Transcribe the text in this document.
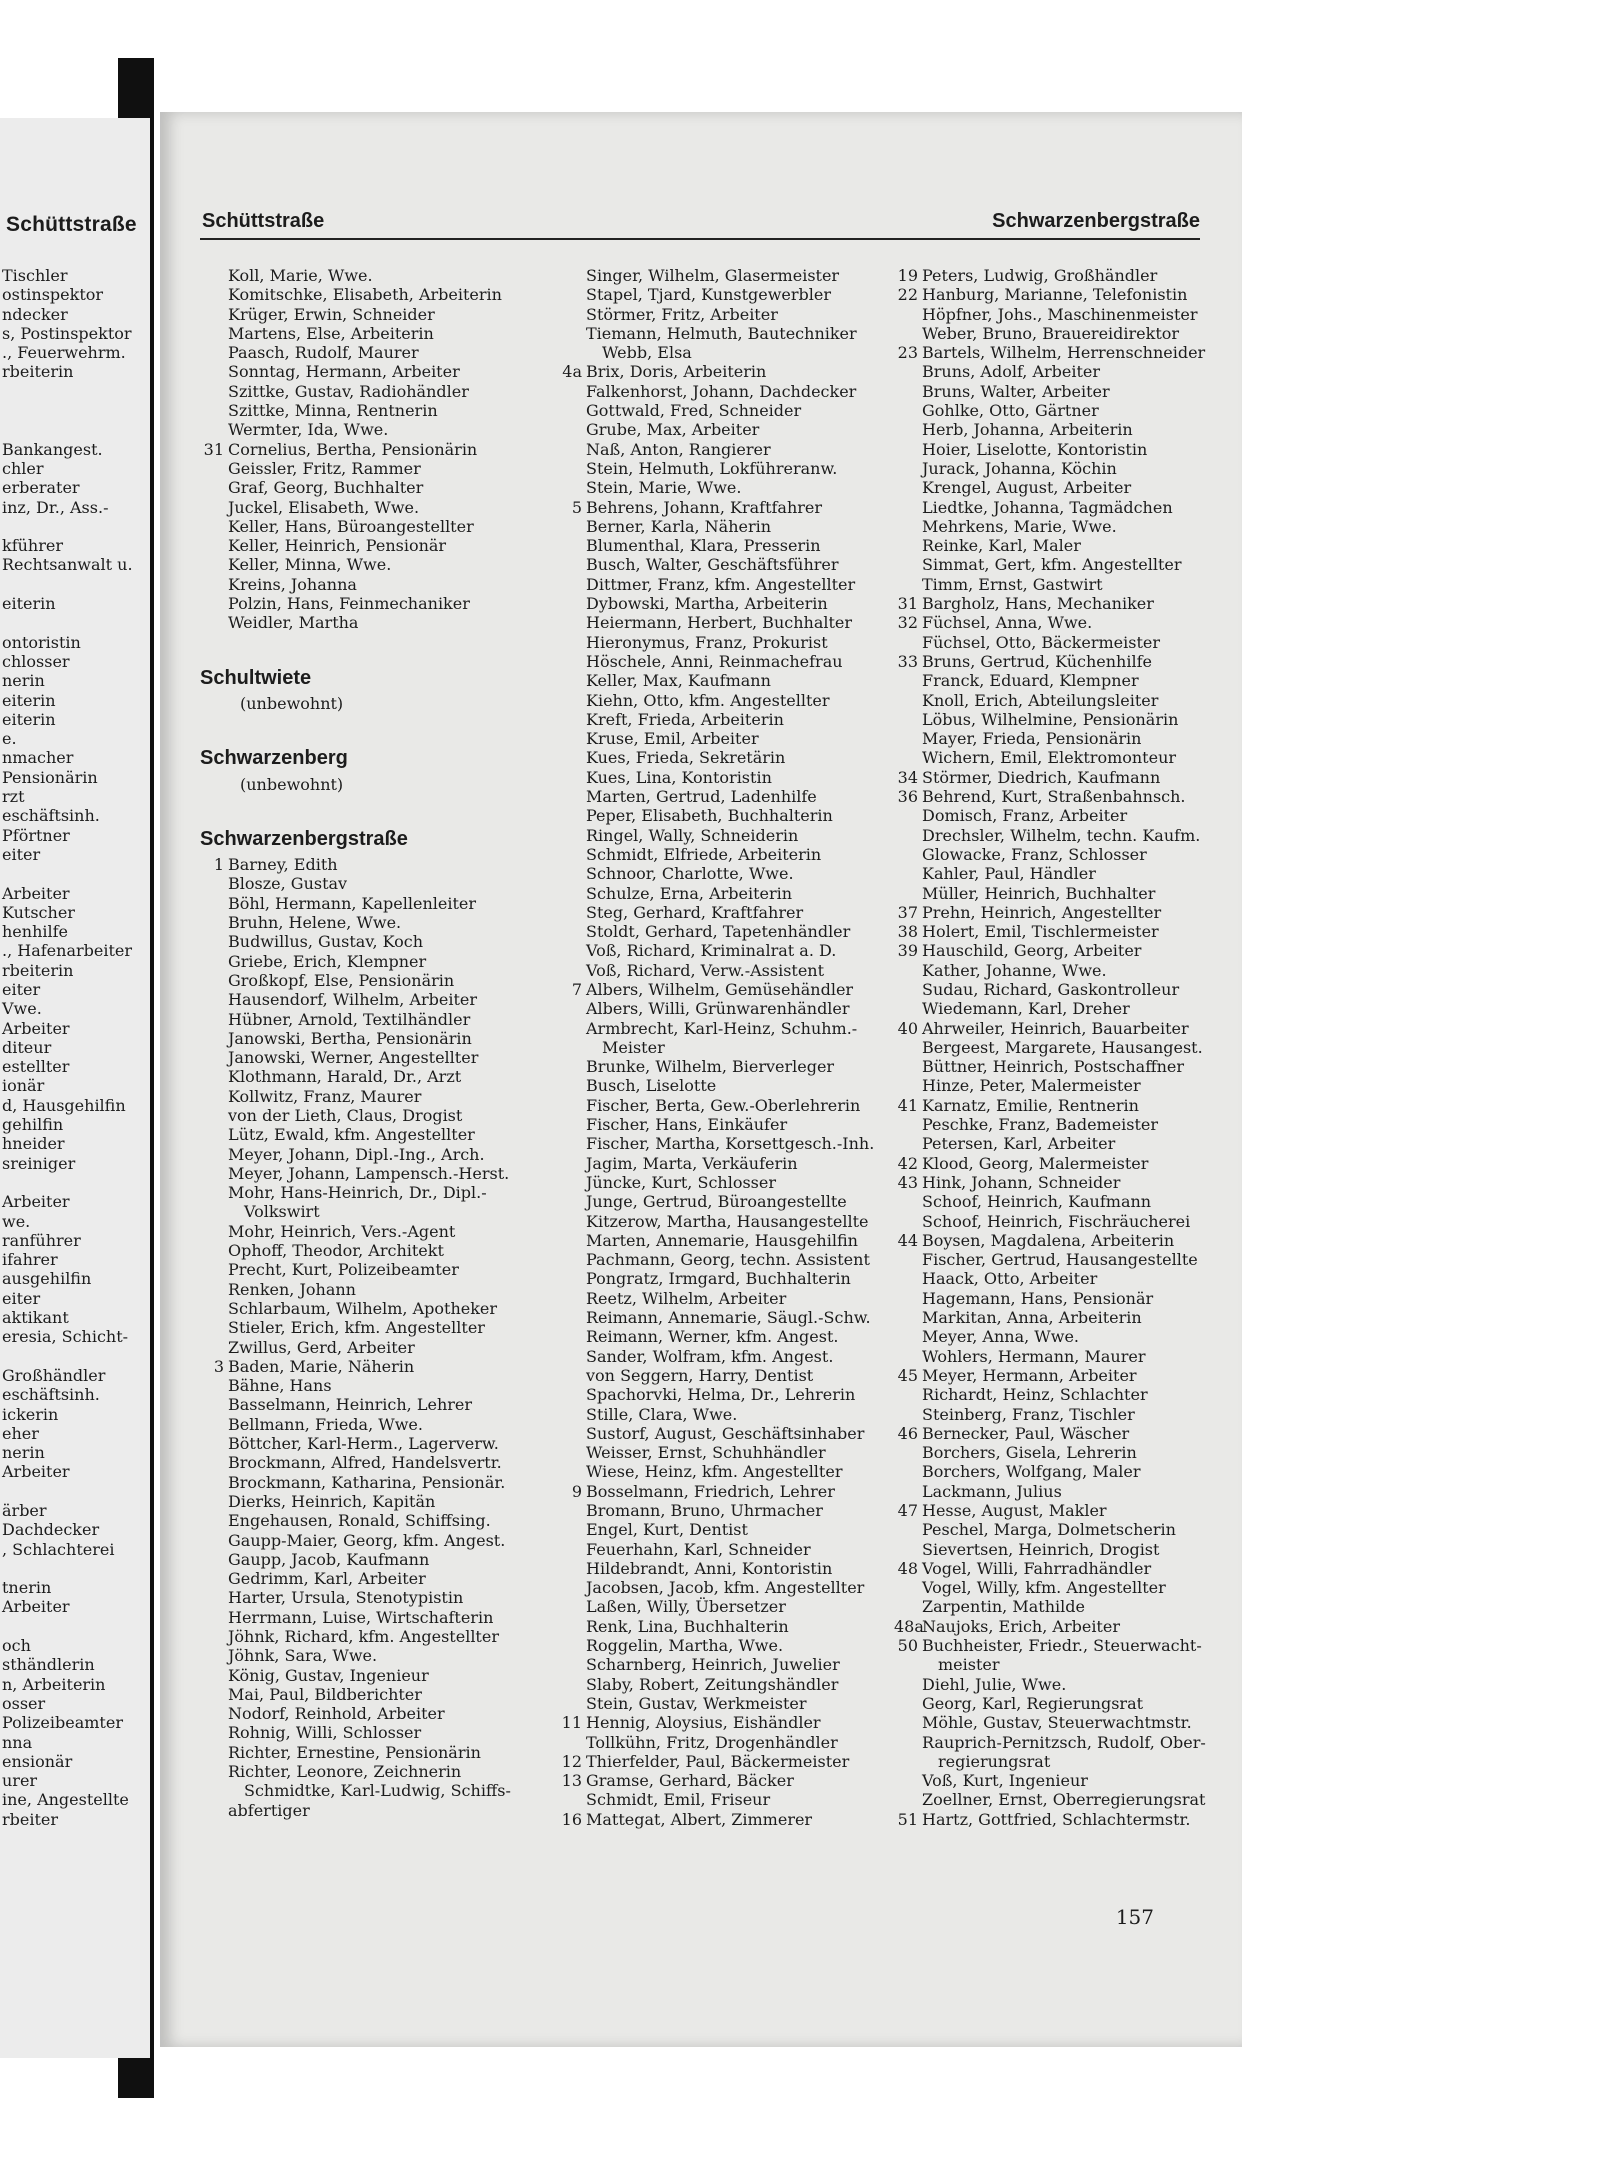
Schüttstraße
Tischler
ostinspektor
ndecker
s, Postinspektor
., Feuerwehrm.
rbeiterin
Bankangest.
chler
erberater
inz, Dr., Ass.-
kführer
Rechtsanwalt u.
eiterin
ontoristin
chlosser
nerin
eiterin
eiterin
e.
nmacher
Pensionärin
rzt
eschäftsinh.
Pförtner
eiter
Arbeiter
Kutscher
henhilfe
., Hafenarbeiter
rbeiterin
eiter
Vwe.
Arbeiter
diteur
estellter
ionär
d, Hausgehilfin
gehilfin
hneider
sreiniger
Arbeiter
we.
ranführer
ifahrer
ausgehilfin
eiter
aktikant
eresia, Schicht-
Großhändler
eschäftsinh.
ickerin
eher
nerin
Arbeiter
ärber
Dachdecker
, Schlachterei
tnerin
Arbeiter
och
sthändlerin
n, Arbeiterin
osser
Polizeibeamter
nna
ensionär
urer
ine, Angestellte
rbeiter
Schüttstraße	Schwarzenbergstraße
Koll, Marie, Wwe.
Komitschke, Elisabeth, Arbeiterin
Krüger, Erwin, Schneider
Martens, Else, Arbeiterin
Paasch, Rudolf, Maurer
Sonntag, Hermann, Arbeiter
Szittke, Gustav, Radiohändler
Szittke, Minna, Rentnerin
Wermter, Ida, Wwe.
31 Cornelius, Bertha, Pensionärin
Geissler, Fritz, Rammer
Graf, Georg, Buchhalter
Juckel, Elisabeth, Wwe.
Keller, Hans, Büroangestellter
Keller, Heinrich, Pensionär
Keller, Minna, Wwe.
Kreins, Johanna
Polzin, Hans, Feinmechaniker
Weidler, Martha
Schultwiete
(unbewohnt)
Schwarzenberg
(unbewohnt)
Schwarzenbergstraße
1 Barney, Edith
Blosze, Gustav
Böhl, Hermann, Kapellenleiter
Bruhn, Helene, Wwe.
Budwillus, Gustav, Koch
Griebe, Erich, Klempner
Großkopf, Else, Pensionärin
Hausendorf, Wilhelm, Arbeiter
Hübner, Arnold, Textilhändler
Janowski, Bertha, Pensionärin
Janowski, Werner, Angestellter
Klothmann, Harald, Dr., Arzt
Kollwitz, Franz, Maurer
von der Lieth, Claus, Drogist
Lütz, Ewald, kfm. Angestellter
Meyer, Johann, Dipl.-Ing., Arch.
Meyer, Johann, Lampensch.-Herst.
Mohr, Hans-Heinrich, Dr., Dipl.-
Volkswirt
Mohr, Heinrich, Vers.-Agent
Ophoff, Theodor, Architekt
Precht, Kurt, Polizeibeamter
Renken, Johann
Schlarbaum, Wilhelm, Apotheker
Stieler, Erich, kfm. Angestellter
Zwillus, Gerd, Arbeiter
3 Baden, Marie, Näherin
Bähne, Hans
Basselmann, Heinrich, Lehrer
Bellmann, Frieda, Wwe.
Böttcher, Karl-Herm., Lagerverw.
Brockmann, Alfred, Handelsvertr.
Brockmann, Katharina, Pensionär.
Dierks, Heinrich, Kapitän
Engehausen, Ronald, Schiffsing.
Gaupp-Maier, Georg, kfm. Angest.
Gaupp, Jacob, Kaufmann
Gedrimm, Karl, Arbeiter
Harter, Ursula, Stenotypistin
Herrmann, Luise, Wirtschafterin
Jöhnk, Richard, kfm. Angestellter
Jöhnk, Sara, Wwe.
König, Gustav, Ingenieur
Mai, Paul, Bildberichter
Nodorf, Reinhold, Arbeiter
Rohnig, Willi, Schlosser
Richter, Ernestine, Pensionärin
Richter, Leonore, Zeichnerin
Schmidtke, Karl-Ludwig, Schiffs-
abfertiger
Singer, Wilhelm, Glasermeister
Stapel, Tjard, Kunstgewerbler
Störmer, Fritz, Arbeiter
Tiemann, Helmuth, Bautechniker
Webb, Elsa
4a Brix, Doris, Arbeiterin
Falkenhorst, Johann, Dachdecker
Gottwald, Fred, Schneider
Grube, Max, Arbeiter
Naß, Anton, Rangierer
Stein, Helmuth, Lokführeranw.
Stein, Marie, Wwe.
5 Behrens, Johann, Kraftfahrer
Berner, Karla, Näherin
Blumenthal, Klara, Presserin
Busch, Walter, Geschäftsführer
Dittmer, Franz, kfm. Angestellter
Dybowski, Martha, Arbeiterin
Heiermann, Herbert, Buchhalter
Hieronymus, Franz, Prokurist
Höschele, Anni, Reinmachefrau
Keller, Max, Kaufmann
Kiehn, Otto, kfm. Angestellter
Kreft, Frieda, Arbeiterin
Kruse, Emil, Arbeiter
Kues, Frieda, Sekretärin
Kues, Lina, Kontoristin
Marten, Gertrud, Ladenhilfe
Peper, Elisabeth, Buchhalterin
Ringel, Wally, Schneiderin
Schmidt, Elfriede, Arbeiterin
Schnoor, Charlotte, Wwe.
Schulze, Erna, Arbeiterin
Steg, Gerhard, Kraftfahrer
Stoldt, Gerhard, Tapetenhändler
Voß, Richard, Kriminalrat a. D.
Voß, Richard, Verw.-Assistent
7 Albers, Wilhelm, Gemüsehändler
Albers, Willi, Grünwarenhändler
Armbrecht, Karl-Heinz, Schuhm.-
Meister
Brunke, Wilhelm, Bierverleger
Busch, Liselotte
Fischer, Berta, Gew.-Oberlehrerin
Fischer, Hans, Einkäufer
Fischer, Martha, Korsettgesch.-Inh.
Jagim, Marta, Verkäuferin
Jüncke, Kurt, Schlosser
Junge, Gertrud, Büroangestellte
Kitzerow, Martha, Hausangestellte
Marten, Annemarie, Hausgehilfin
Pachmann, Georg, techn. Assistent
Pongratz, Irmgard, Buchhalterin
Reetz, Wilhelm, Arbeiter
Reimann, Annemarie, Säugl.-Schw.
Reimann, Werner, kfm. Angest.
Sander, Wolfram, kfm. Angest.
von Seggern, Harry, Dentist
Spachorvki, Helma, Dr., Lehrerin
Stille, Clara, Wwe.
Sustorf, August, Geschäftsinhaber
Weisser, Ernst, Schuhhändler
Wiese, Heinz, kfm. Angestellter
9 Bosselmann, Friedrich, Lehrer
Bromann, Bruno, Uhrmacher
Engel, Kurt, Dentist
Feuerhahn, Karl, Schneider
Hildebrandt, Anni, Kontoristin
Jacobsen, Jacob, kfm. Angestellter
Laßen, Willy, Übersetzer
Renk, Lina, Buchhalterin
Roggelin, Martha, Wwe.
Scharnberg, Heinrich, Juwelier
Slaby, Robert, Zeitungshändler
Stein, Gustav, Werkmeister
11 Hennig, Aloysius, Eishändler
Tollkühn, Fritz, Drogenhändler
12 Thierfelder, Paul, Bäckermeister
13 Gramse, Gerhard, Bäcker
Schmidt, Emil, Friseur
16 Mattegat, Albert, Zimmerer
19 Peters, Ludwig, Großhändler
22 Hanburg, Marianne, Telefonistin
Höpfner, Johs., Maschinenmeister
Weber, Bruno, Brauereidirektor
23 Bartels, Wilhelm, Herrenschneider
Bruns, Adolf, Arbeiter
Bruns, Walter, Arbeiter
Gohlke, Otto, Gärtner
Herb, Johanna, Arbeiterin
Hoier, Liselotte, Kontoristin
Jurack, Johanna, Köchin
Krengel, August, Arbeiter
Liedtke, Johanna, Tagmädchen
Mehrkens, Marie, Wwe.
Reinke, Karl, Maler
Simmat, Gert, kfm. Angestellter
Timm, Ernst, Gastwirt
31 Bargholz, Hans, Mechaniker
32 Füchsel, Anna, Wwe.
Füchsel, Otto, Bäckermeister
33 Bruns, Gertrud, Küchenhilfe
Franck, Eduard, Klempner
Knoll, Erich, Abteilungsleiter
Löbus, Wilhelmine, Pensionärin
Mayer, Frieda, Pensionärin
Wichern, Emil, Elektromonteur
34 Störmer, Diedrich, Kaufmann
36 Behrend, Kurt, Straßenbahnsch.
Domisch, Franz, Arbeiter
Drechsler, Wilhelm, techn. Kaufm.
Glowacke, Franz, Schlosser
Kahler, Paul, Händler
Müller, Heinrich, Buchhalter
37 Prehn, Heinrich, Angestellter
38 Holert, Emil, Tischlermeister
39 Hauschild, Georg, Arbeiter
Kather, Johanne, Wwe.
Sudau, Richard, Gaskontrolleur
Wiedemann, Karl, Dreher
40 Ahrweiler, Heinrich, Bauarbeiter
Bergeest, Margarete, Hausangest.
Büttner, Heinrich, Postschaffner
Hinze, Peter, Malermeister
41 Karnatz, Emilie, Rentnerin
Peschke, Franz, Bademeister
Petersen, Karl, Arbeiter
42 Klood, Georg, Malermeister
43 Hink, Johann, Schneider
Schoof, Heinrich, Kaufmann
Schoof, Heinrich, Fischräucherei
44 Boysen, Magdalena, Arbeiterin
Fischer, Gertrud, Hausangestellte
Haack, Otto, Arbeiter
Hagemann, Hans, Pensionär
Markitan, Anna, Arbeiterin
Meyer, Anna, Wwe.
Wohlers, Hermann, Maurer
45 Meyer, Hermann, Arbeiter
Richardt, Heinz, Schlachter
Steinberg, Franz, Tischler
46 Bernecker, Paul, Wäscher
Borchers, Gisela, Lehrerin
Borchers, Wolfgang, Maler
Lackmann, Julius
47 Hesse, August, Makler
Peschel, Marga, Dolmetscherin
Sievertsen, Heinrich, Drogist
48 Vogel, Willi, Fahrradhändler
Vogel, Willy, kfm. Angestellter
Zarpentin, Mathilde
48a
Naujoks, Erich, Arbeiter
50 Buchheister, Friedr., Steuerwacht-
meister
Diehl, Julie, Wwe.
Georg, Karl, Regierungsrat
Möhle, Gustav, Steuerwachtmstr.
Rauprich-Pernitzsch, Rudolf, Ober-
regierungsrat
Voß, Kurt, Ingenieur
Zoellner, Ernst, Oberregierungsrat
51 Hartz, Gottfried, Schlachtermstr.
157
